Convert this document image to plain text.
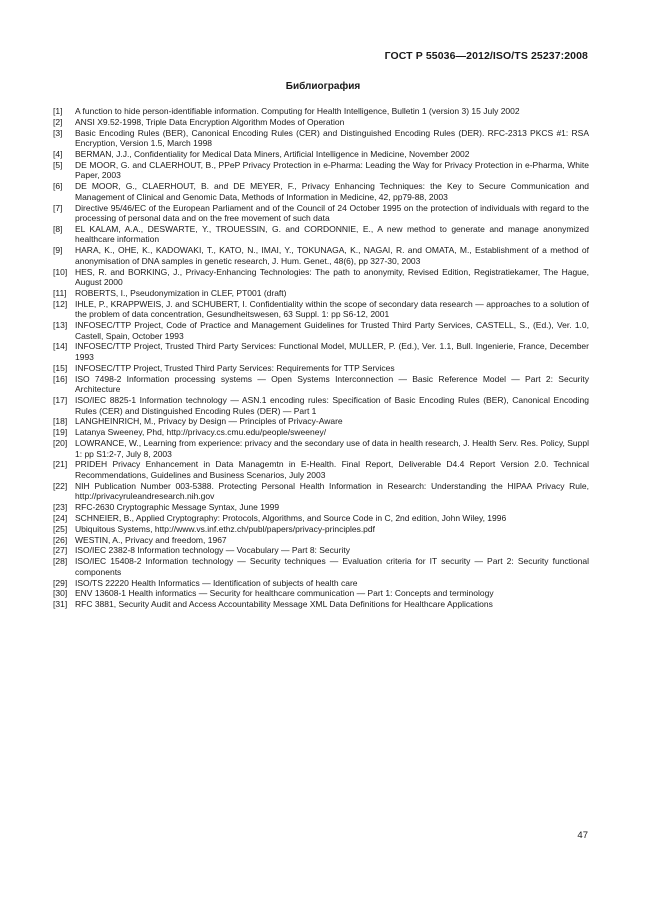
ГОСТ Р 55036—2012/ISO/TS 25237:2008
Библиография
[1] A function to hide person-identifiable information. Computing for Health Intelligence, Bulletin 1 (version 3) 15 July 2002
[2] ANSI X9.52-1998, Triple Data Encryption Algorithm Modes of Operation
[3] Basic Encoding Rules (BER), Canonical Encoding Rules (CER) and Distinguished Encoding Rules (DER). RFC-2313 PKCS #1: RSA Encryption, Version 1.5, March 1998
[4] BERMAN, J.J., Confidentiality for Medical Data Miners, Artificial Intelligence in Medicine, November 2002
[5] DE MOOR, G. and CLAERHOUT, B., PPeP Privacy Protection in e-Pharma: Leading the Way for Privacy Protection in e-Pharma, White Paper, 2003
[6] DE MOOR, G., CLAERHOUT, B. and DE MEYER, F., Privacy Enhancing Techniques: the Key to Secure Communication and Management of Clinical and Genomic Data, Methods of Information in Medicine, 42, pp79-88, 2003
[7] Directive 95/46/EC of the European Parliament and of the Council of 24 October 1995 on the protection of individuals with regard to the processing of personal data and on the free movement of such data
[8] EL KALAM, A.A., DESWARTE, Y., TROUESSIN, G. and CORDONNIE, E., A new method to generate and manage anonymized healthcare information
[9] HARA, K., OHE, K., KADOWAKI, T., KATO, N., IMAI, Y., TOKUNAGA, K., NAGAI, R. and OMATA, M., Establishment of a method of anonymisation of DNA samples in genetic research, J. Hum. Genet., 48(6), pp 327-30, 2003
[10] HES, R. and BORKING, J., Privacy-Enhancing Technologies: The path to anonymity, Revised Edition, Registratiekamer, The Hague, August 2000
[11] ROBERTS, I., Pseudonymization in CLEF, PT001 (draft)
[12] IHLE, P., KRAPPWEIS, J. and SCHUBERT, I. Confidentiality within the scope of secondary data research — approaches to a solution of the problem of data concentration, Gesundheitswesen, 63 Suppl. 1: pp S6-12, 2001
[13] INFOSEC/TTP Project, Code of Practice and Management Guidelines for Trusted Third Party Services, CASTELL, S., (Ed.), Ver. 1.0, Castell, Spain, October 1993
[14] INFOSEC/TTP Project, Trusted Third Party Services: Functional Model, MULLER, P. (Ed.), Ver. 1.1, Bull. Ingenierie, France, December 1993
[15] INFOSEC/TTP Project, Trusted Third Party Services: Requirements for TTP Services
[16] ISO 7498-2 Information processing systems — Open Systems Interconnection — Basic Reference Model — Part 2: Security Architecture
[17] ISO/IEC 8825-1 Information technology — ASN.1 encoding rules: Specification of Basic Encoding Rules (BER), Canonical Encoding Rules (CER) and Distinguished Encoding Rules (DER) — Part 1
[18] LANGHEINRICH, M., Privacy by Design — Principles of Privacy-Aware
[19] Latanya Sweeney, Phd, http://privacy.cs.cmu.edu/people/sweeney/
[20] LOWRANCE, W., Learning from experience: privacy and the secondary use of data in health research, J. Health Serv. Res. Policy, Suppl 1: pp S1:2-7, July 8, 2003
[21] PRIDEH Privacy Enhancement in Data Managemtn in E-Health. Final Report, Deliverable D4.4 Report Version 2.0. Technical Recommendations, Guidelines and Business Scenarios, July 2003
[22] NIH Publication Number 003-5388. Protecting Personal Health Information in Research: Understanding the HIPAA Privacy Rule, http://privacyruleandresearch.nih.gov
[23] RFC-2630 Cryptographic Message Syntax, June 1999
[24] SCHNEIER, B., Applied Cryptography: Protocols, Algorithms, and Source Code in C, 2nd edition, John Wiley, 1996
[25] Ubiquitous Systems, http://www.vs.inf.ethz.ch/publ/papers/privacy-principles.pdf
[26] WESTIN, A., Privacy and freedom, 1967
[27] ISO/IEC 2382-8 Information technology — Vocabulary — Part 8: Security
[28] ISO/IEC 15408-2 Information technology — Security techniques — Evaluation criteria for IT security — Part 2: Security functional components
[29] ISO/TS 22220 Health Informatics — Identification of subjects of health care
[30] ENV 13608-1 Health informatics — Security for healthcare communication — Part 1: Concepts and terminology
[31] RFC 3881, Security Audit and Access Accountability Message XML Data Definitions for Healthcare Applications
47
